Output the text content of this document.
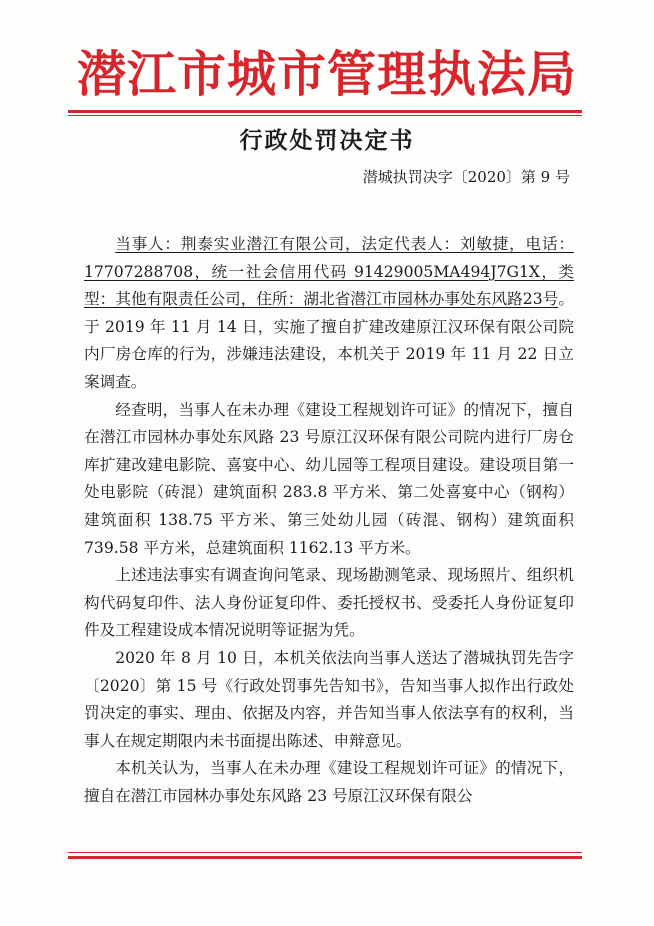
潜江市城市管理执法局
行政处罚决定书
潜城执罚决字〔2020〕第 9 号

当事人：荆泰实业潜江有限公司，法定代表人：刘敏捷，电话：17707288708，统一社会信用代码 91429005MA494J7G1X，类型：其他有限责任公司，住所：湖北省潜江市园林办事处东风路23号。于 2019 年 11 月 14 日，实施了擅自扩建改建原江汉环保有限公司院内厂房仓库的行为，涉嫌违法建设，本机关于 2019 年 11 月 22 日立案调查。

经查明，当事人在未办理《建设工程规划许可证》的情况下，擅自在潜江市园林办事处东风路 23 号原江汉环保有限公司院内进行厂房仓库扩建改建电影院、喜宴中心、幼儿园等工程项目建设。建设项目第一处电影院（砖混）建筑面积 283.8 平方米、第二处喜宴中心（钢构）建筑面积 138.75 平方米、第三处幼儿园（砖混、钢构）建筑面积 739.58 平方米，总建筑面积 1162.13 平方米。

上述违法事实有调查询问笔录、现场勘测笔录、现场照片、组织机构代码复印件、法人身份证复印件、委托授权书、受委托人身份证复印件及工程建设成本情况说明等证据为凭。

2020 年 8 月 10 日，本机关依法向当事人送达了潜城执罚先告字〔2020〕第 15 号《行政处罚事先告知书》，告知当事人拟作出行政处罚决定的事实、理由、依据及内容，并告知当事人依法享有的权利，当事人在规定期限内未书面提出陈述、申辩意见。

本机关认为，当事人在未办理《建设工程规划许可证》的情况下，擅自在潜江市园林办事处东风路 23 号原江汉环保有限公
